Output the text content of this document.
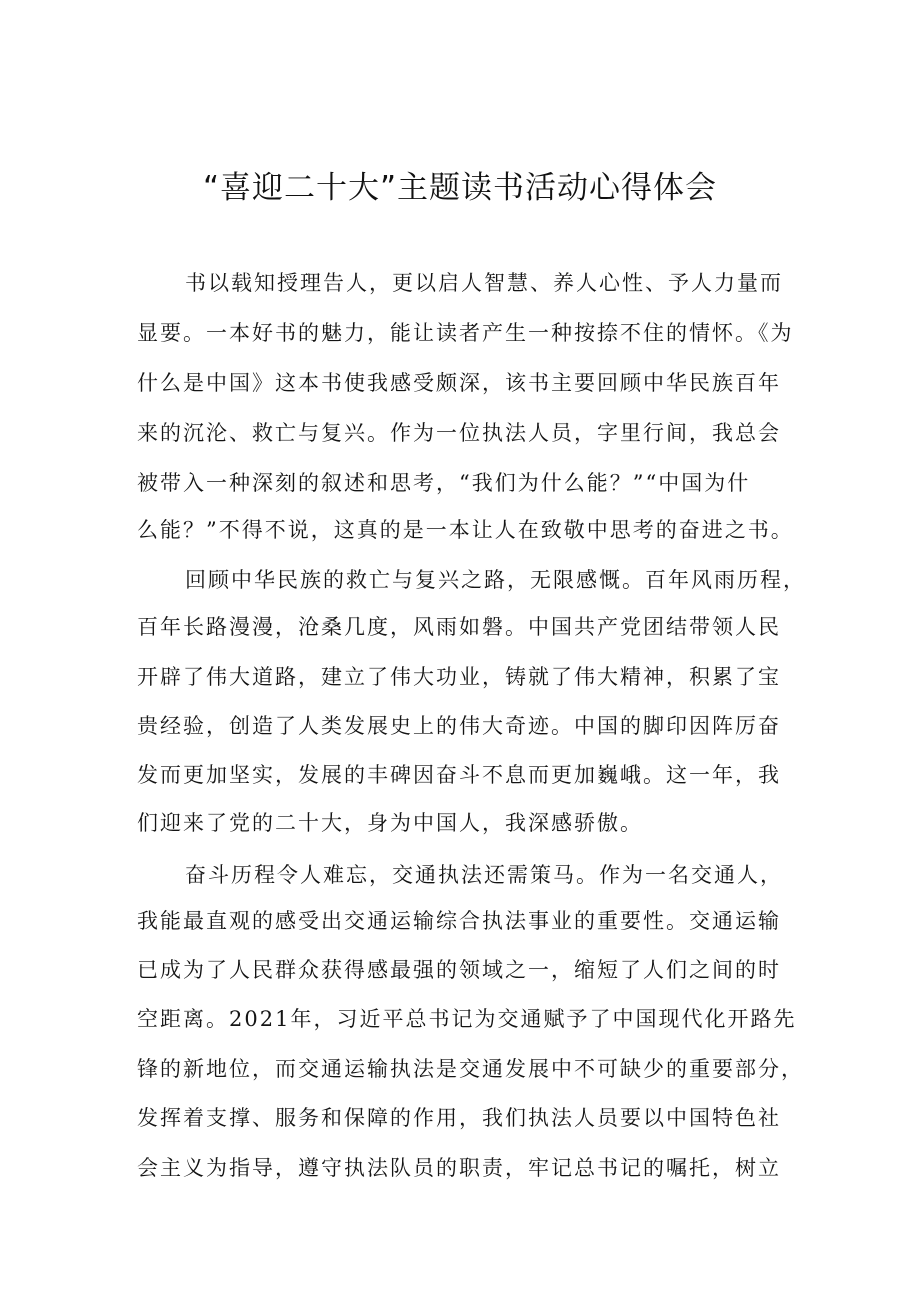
“喜迎二十大”主题读书活动心得体会
书以载知授理告人，更以启人智慧、养人心性、予人力量而
显要。一本好书的魅力，能让读者产生一种按捺不住的情怀。《为
什么是中国》这本书使我感受颇深，该书主要回顾中华民族百年
来的沉沦、救亡与复兴。作为一位执法人员，字里行间，我总会
被带入一种深刻的叙述和思考，“我们为什么能？”“中国为什
么能？”不得不说，这真的是一本让人在致敬中思考的奋进之书。
回顾中华民族的救亡与复兴之路，无限感慨。百年风雨历程，
百年长路漫漫，沧桑几度，风雨如磐。中国共产党团结带领人民
开辟了伟大道路，建立了伟大功业，铸就了伟大精神，积累了宝
贵经验，创造了人类发展史上的伟大奇迹。中国的脚印因阵厉奋
发而更加坚实，发展的丰碑因奋斗不息而更加巍峨。这一年，我
们迎来了党的二十大，身为中国人，我深感骄傲。
奋斗历程令人难忘，交通执法还需策马。作为一名交通人，
我能最直观的感受出交通运输综合执法事业的重要性。交通运输
已成为了人民群众获得感最强的领域之一，缩短了人们之间的时
空距离。2021年，习近平总书记为交通赋予了中国现代化开路先
锋的新地位，而交通运输执法是交通发展中不可缺少的重要部分，
发挥着支撑、服务和保障的作用，我们执法人员要以中国特色社
会主义为指导，遵守执法队员的职责，牢记总书记的嘱托，树立
